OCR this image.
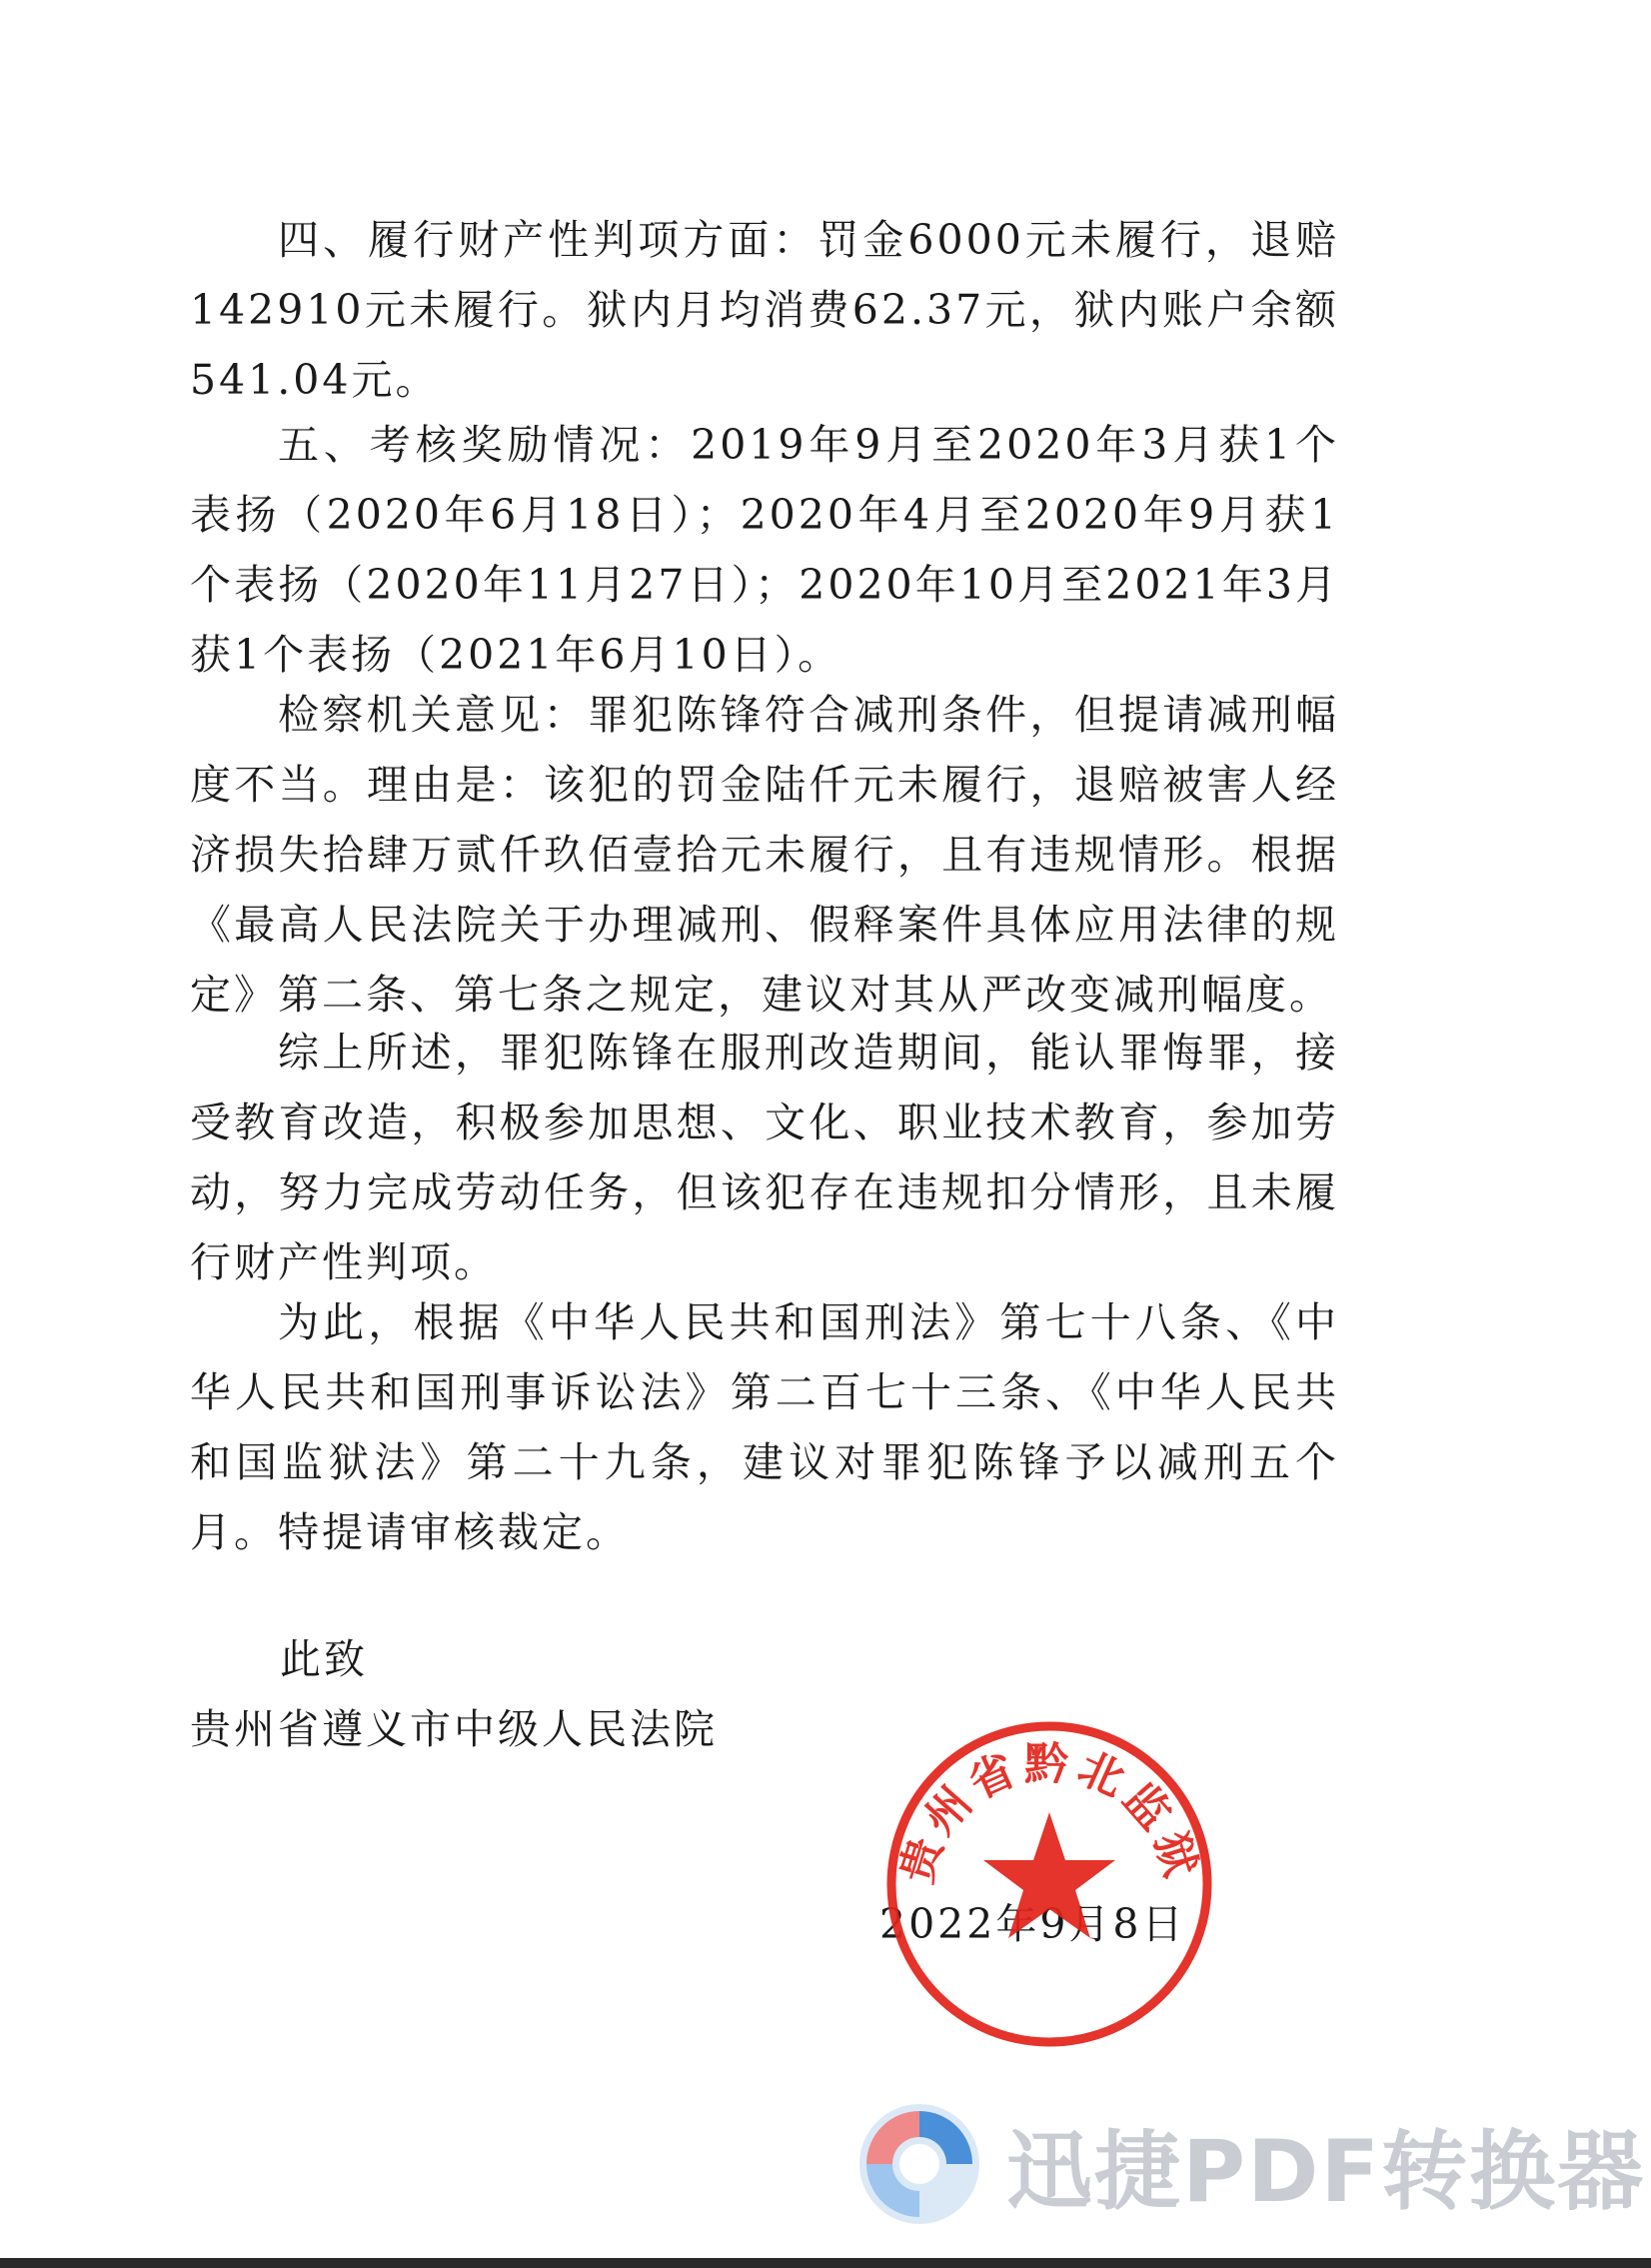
四、履行财产性判项方面：罚金6000元未履行，退赔142910元未履行。狱内月均消费62.37元，狱内账户余额541.04元。

五、考核奖励情况：2019年9月至2020年3月获1个表扬（2020年6月18日）；2020年4月至2020年9月获1个表扬（2020年11月27日）；2020年10月至2021年3月获1个表扬（2021年6月10日）。

检察机关意见：罪犯陈锋符合减刑条件，但提请减刑幅度不当。理由是：该犯的罚金陆仟元未履行，退赔被害人经济损失拾肆万贰仟玖佰壹拾元未履行，且有违规情形。根据《最高人民法院关于办理减刑、假释案件具体应用法律的规定》第二条、第七条之规定，建议对其从严改变减刑幅度。

综上所述，罪犯陈锋在服刑改造期间，能认罪悔罪，接受教育改造，积极参加思想、文化、职业技术教育，参加劳动，努力完成劳动任务，但该犯存在违规扣分情形，且未履行财产性判项。

为此，根据《中华人民共和国刑法》第七十八条、《中华人民共和国刑事诉讼法》第二百七十三条、《中华人民共和国监狱法》第二十九条，建议对罪犯陈锋予以减刑五个月。特提请审核裁定。

此致

贵州省遵义市中级人民法院

2022年9月8日

贵州省黔北监狱
迅捷PDF转换器
